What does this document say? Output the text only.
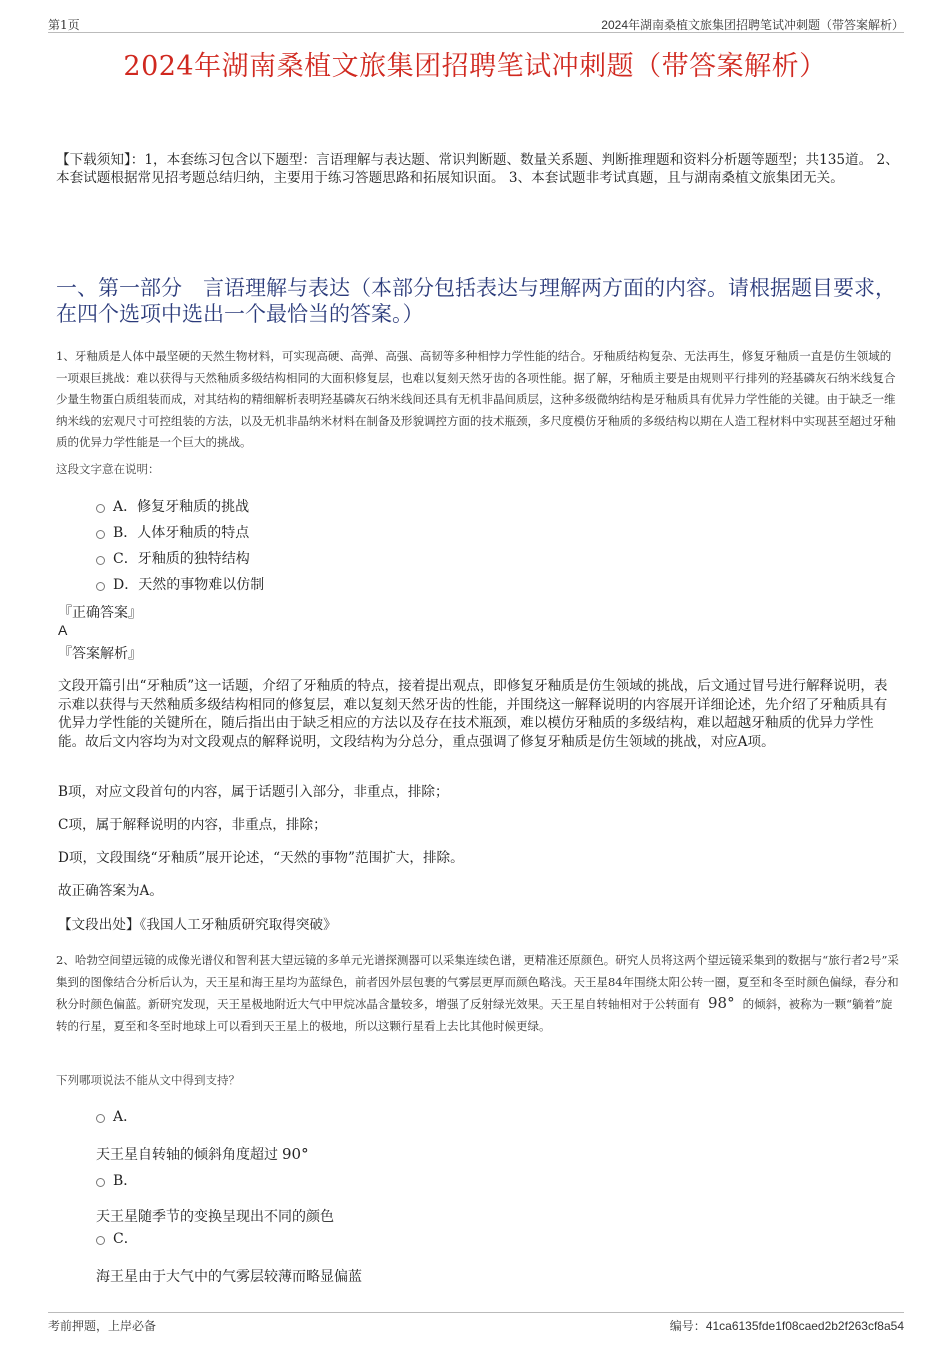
第1页	2024年湖南桑植文旅集团招聘笔试冲刺题（带答案解析）
2024年湖南桑植文旅集团招聘笔试冲刺题（带答案解析）
【下载须知】：1，本套练习包含以下题型：言语理解与表达题、常识判断题、数量关系题、判断推理题和资料分析题等题型；共135道。 2、本套试题根据常见招考题总结归纳，主要用于练习答题思路和拓展知识面。 3、本套试题非考试真题，且与湖南桑植文旅集团无关。
一、第一部分　言语理解与表达（本部分包括表达与理解两方面的内容。请根据题目要求，在四个选项中选出一个最恰当的答案。）
1、牙釉质是人体中最坚硬的天然生物材料，可实现高硬、高弹、高强、高韧等多种相悖力学性能的结合。牙釉质结构复杂、无法再生，修复牙釉质一直是仿生领域的一项艰巨挑战：难以获得与天然釉质多级结构相同的大面积修复层，也难以复刻天然牙齿的各项性能。据了解，牙釉质主要是由规则平行排列的羟基磷灰石纳米线复合少量生物蛋白质组装而成，对其结构的精细解析表明羟基磷灰石纳米线间还具有无机非晶间质层，这种多级微纳结构是牙釉质具有优异力学性能的关键。由于缺乏一维纳米线的宏观尺寸可控组装的方法，以及无机非晶纳米材料在制备及形貌调控方面的技术瓶颈，多尺度模仿牙釉质的多级结构以期在人造工程材料中实现甚至超过牙釉质的优异力学性能是一个巨大的挑战。
这段文字意在说明：
A．修复牙釉质的挑战
B．人体牙釉质的特点
C．牙釉质的独特结构
D．天然的事物难以仿制
『正确答案』
A
『答案解析』
文段开篇引出“牙釉质”这一话题，介绍了牙釉质的特点，接着提出观点，即修复牙釉质是仿生领域的挑战，后文通过冒号进行解释说明，表示难以获得与天然釉质多级结构相同的修复层，难以复刻天然牙齿的性能，并围绕这一解释说明的内容展开详细论述，先介绍了牙釉质具有优异力学性能的关键所在，随后指出由于缺乏相应的方法以及存在技术瓶颈，难以模仿牙釉质的多级结构，难以超越牙釉质的优异力学性能。故后文内容均为对文段观点的解释说明，文段结构为分总分，重点强调了修复牙釉质是仿生领域的挑战，对应A项。
B项，对应文段首句的内容，属于话题引入部分，非重点，排除；
C项，属于解释说明的内容，非重点，排除；
D项，文段围绕“牙釉质”展开论述，“天然的事物”范围扩大，排除。
故正确答案为A。
【文段出处】《我国人工牙釉质研究取得突破》
2、哈勃空间望远镜的成像光谱仪和智利甚大望远镜的多单元光谱探测器可以采集连续色谱，更精准还原颜色。研究人员将这两个望远镜采集到的数据与“旅行者2号”采集到的图像结合分析后认为，天王星和海王星均为蓝绿色，前者因外层包裹的气雾层更厚而颜色略浅。天王星84年围绕太阳公转一圈，夏至和冬至时颜色偏绿，春分和秋分时颜色偏蓝。新研究发现，天王星极地附近大气中甲烷冰晶含量较多，增强了反射绿光效果。天王星自转轴相对于公转面有 98° 的倾斜，被称为一颗“躺着”旋转的行星，夏至和冬至时地球上可以看到天王星上的极地，所以这颗行星看上去比其他时候更绿。
下列哪项说法不能从文中得到支持？
A．
天王星自转轴的倾斜角度超过 90°
B．
天王星随季节的变换呈现出不同的颜色
C．
海王星由于大气中的气雾层较薄而略显偏蓝
考前押题，上岸必备	编号：41ca6135fde1f08caed2b2f263cf8a54
